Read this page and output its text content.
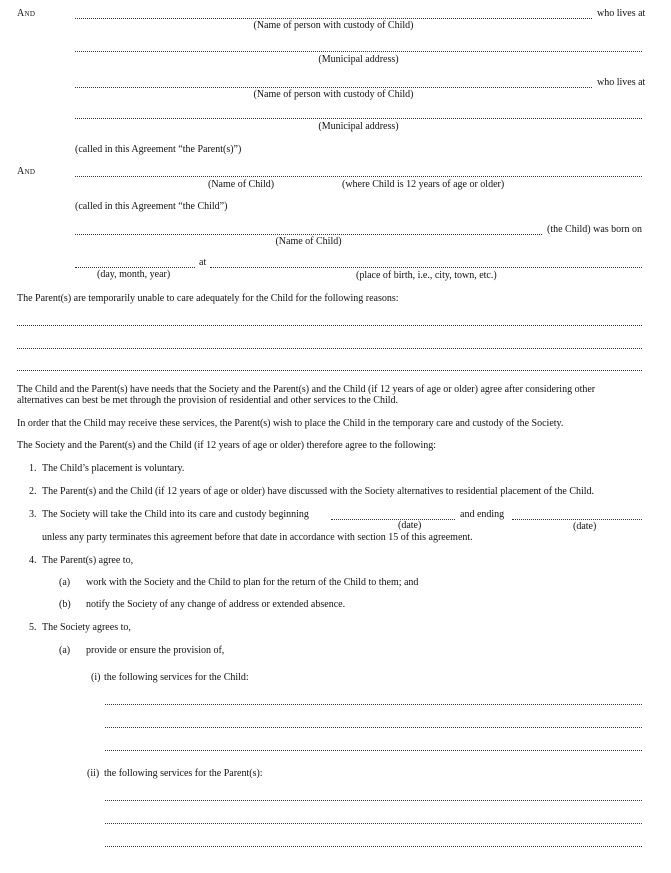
And	who lives at
(Name of person with custody of Child)
(Municipal address)
who lives at
(Name of person with custody of Child)
(Municipal address)
(called in this Agreement “the Parent(s)”)
And
(Name of Child)	(where Child is 12 years of age or older)
(called in this Agreement “the Child”)
(the Child) was born on
(Name of Child)
at
(day, month, year)	(place of birth, i.e., city, town, etc.)
The Parent(s) are temporarily unable to care adequately for the Child for the following reasons:
The Child and the Parent(s) have needs that the Society and the Parent(s) and the Child (if 12 years of age or older) agree after considering other
alternatives can best be met through the provision of residential and other services to the Child.
In order that the Child may receive these services, the Parent(s) wish to place the Child in the temporary care and custody of the Society.
The Society and the Parent(s) and the Child (if 12 years of age or older) therefore agree to the following:
1. The Child’s placement is voluntary.
2. The Parent(s) and the Child (if 12 years of age or older) have discussed with the Society alternatives to residential placement of the Child.
3. The Society will take the Child into its care and custody beginning	and ending
(date)	(date)
unless any party terminates this agreement before that date in accordance with section 15 of this agreement.
4. The Parent(s) agree to,
(a) work with the Society and the Child to plan for the return of the Child to them; and
(b) notify the Society of any change of address or extended absence.
5. The Society agrees to,
(a) provide or ensure the provision of,
(i) the following services for the Child:
(ii) the following services for the Parent(s):
